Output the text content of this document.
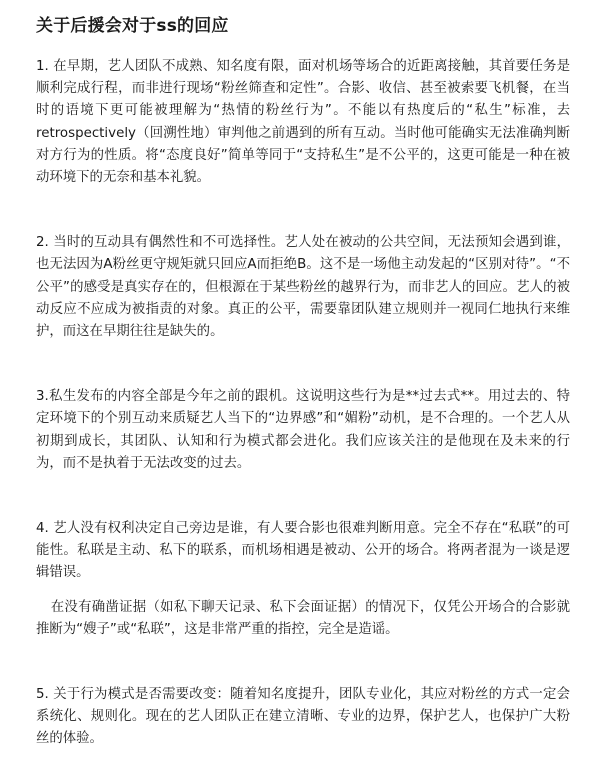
关于后援会对于ss的回应

1. 在早期，艺人团队不成熟、知名度有限，面对机场等场合的近距离接触，其首要任务是顺利完成行程，而非进行现场“粉丝筛查和定性”。合影、收信、甚至被索要飞机餐，在当时的语境下更可能被理解为“热情的粉丝行为”。不能以有热度后的“私生”标准，去retrospectively（回溯性地）审判他之前遇到的所有互动。当时他可能确实无法准确判断对方行为的性质。将“态度良好”简单等同于“支持私生”是不公平的，这更可能是一种在被动环境下的无奈和基本礼貌。

2. 当时的互动具有偶然性和不可选择性。艺人处在被动的公共空间，无法预知会遇到谁，也无法因为A粉丝更守规矩就只回应A而拒绝B。这不是一场他主动发起的“区别对待”。“不公平”的感受是真实存在的，但根源在于某些粉丝的越界行为，而非艺人的回应。艺人的被动反应不应成为被指责的对象。真正的公平，需要靠团队建立规则并一视同仁地执行来维护，而这在早期往往是缺失的。

3.私生发布的内容全部是今年之前的跟机。这说明这些行为是**过去式**。用过去的、特定环境下的个别互动来质疑艺人当下的“边界感”和“媚粉”动机，是不合理的。一个艺人从初期到成长，其团队、认知和行为模式都会进化。我们应该关注的是他现在及未来的行为，而不是执着于无法改变的过去。

4. 艺人没有权利决定自己旁边是谁，有人要合影也很难判断用意。完全不存在“私联”的可能性。私联是主动、私下的联系，而机场相遇是被动、公开的场合。将两者混为一谈是逻辑错误。

在没有确凿证据（如私下聊天记录、私下会面证据）的情况下，仅凭公开场合的合影就推断为“嫂子”或“私联”，这是非常严重的指控，完全是造谣。

5. 关于行为模式是否需要改变：随着知名度提升，团队专业化，其应对粉丝的方式一定会系统化、规则化。现在的艺人团队正在建立清晰、专业的边界，保护艺人，也保护广大粉丝的体验。
